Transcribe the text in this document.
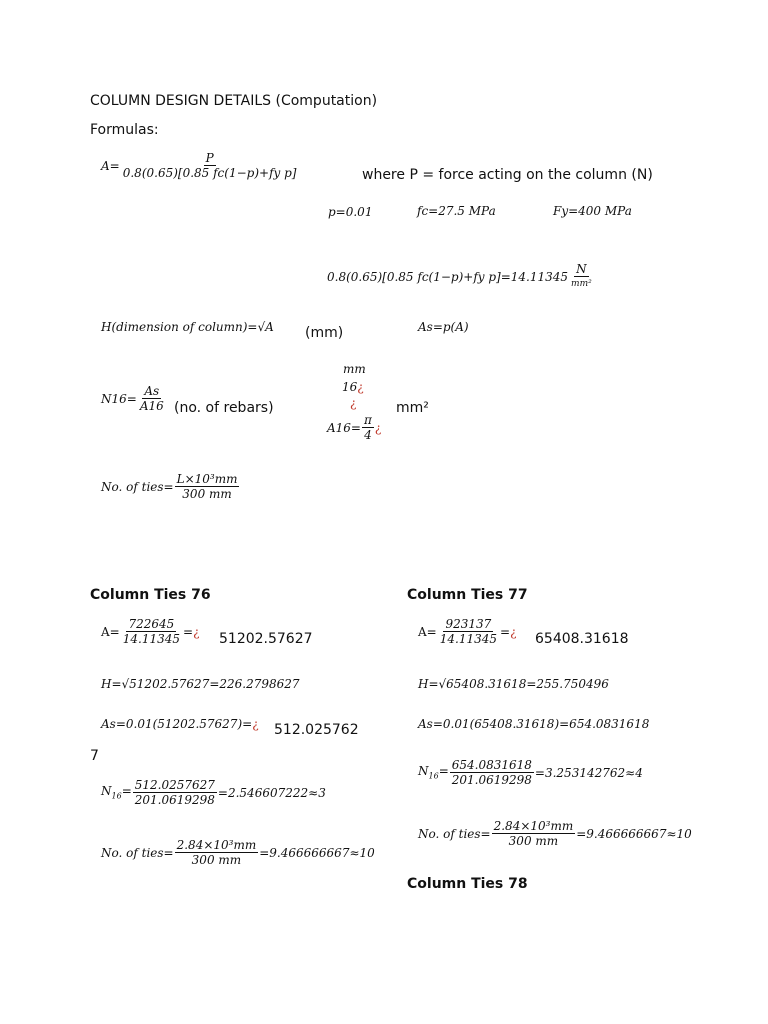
COLUMN DESIGN DETAILS (Computation)
Formulas:
$A= \frac{P}{\text{0.8(0.65)[0.85 fc(1−p)+fy p]}}$	where P = force acting on the column (N)
p=0.01	fc=27.5 MPa	Fy=400 MPa
0.8(0.65)[0.85 fc(1−p)+fy $p]=14.11345 \frac{N}{\text{mm²}}$
H(dimension of column)=√A (mm)	As=p(A)
$N16= \frac{As}{A16} (no$. of rebars)
mm
16¿
¿
$A16= \frac{\pi}{4}$ ¿
mm²
No. of ties= $\frac{\text{L×10³mm}}{300 mm}$
Column Ties 76
$A= \frac{722645}{14.11345}$ = ¿ 51202.57627
H=√51202.57627=226.2798627
As=0.01(51202.57627)=¿ 512.025762
7
$N_{16}= \frac{512.0257627}{201.0619298} =2.546607222\approx 3$
No. of ties= $\frac{\text{2.84×10³mm}}{300 mm} =9.466666667\approx 10$
Column Ties 77
$A= \frac{923137}{14.11345}$ = ¿ 65408.31618
H=√65408.31618=255.750496
As=0.01(65408.31618)=654.0831618
$N_{16}= \frac{654.0831618}{201.0619298} =3.253142762\approx 4$
No. of ties= $\frac{\text{2.84×10³mm}}{300 mm} =9.466666667\approx 10$
Column Ties 78
